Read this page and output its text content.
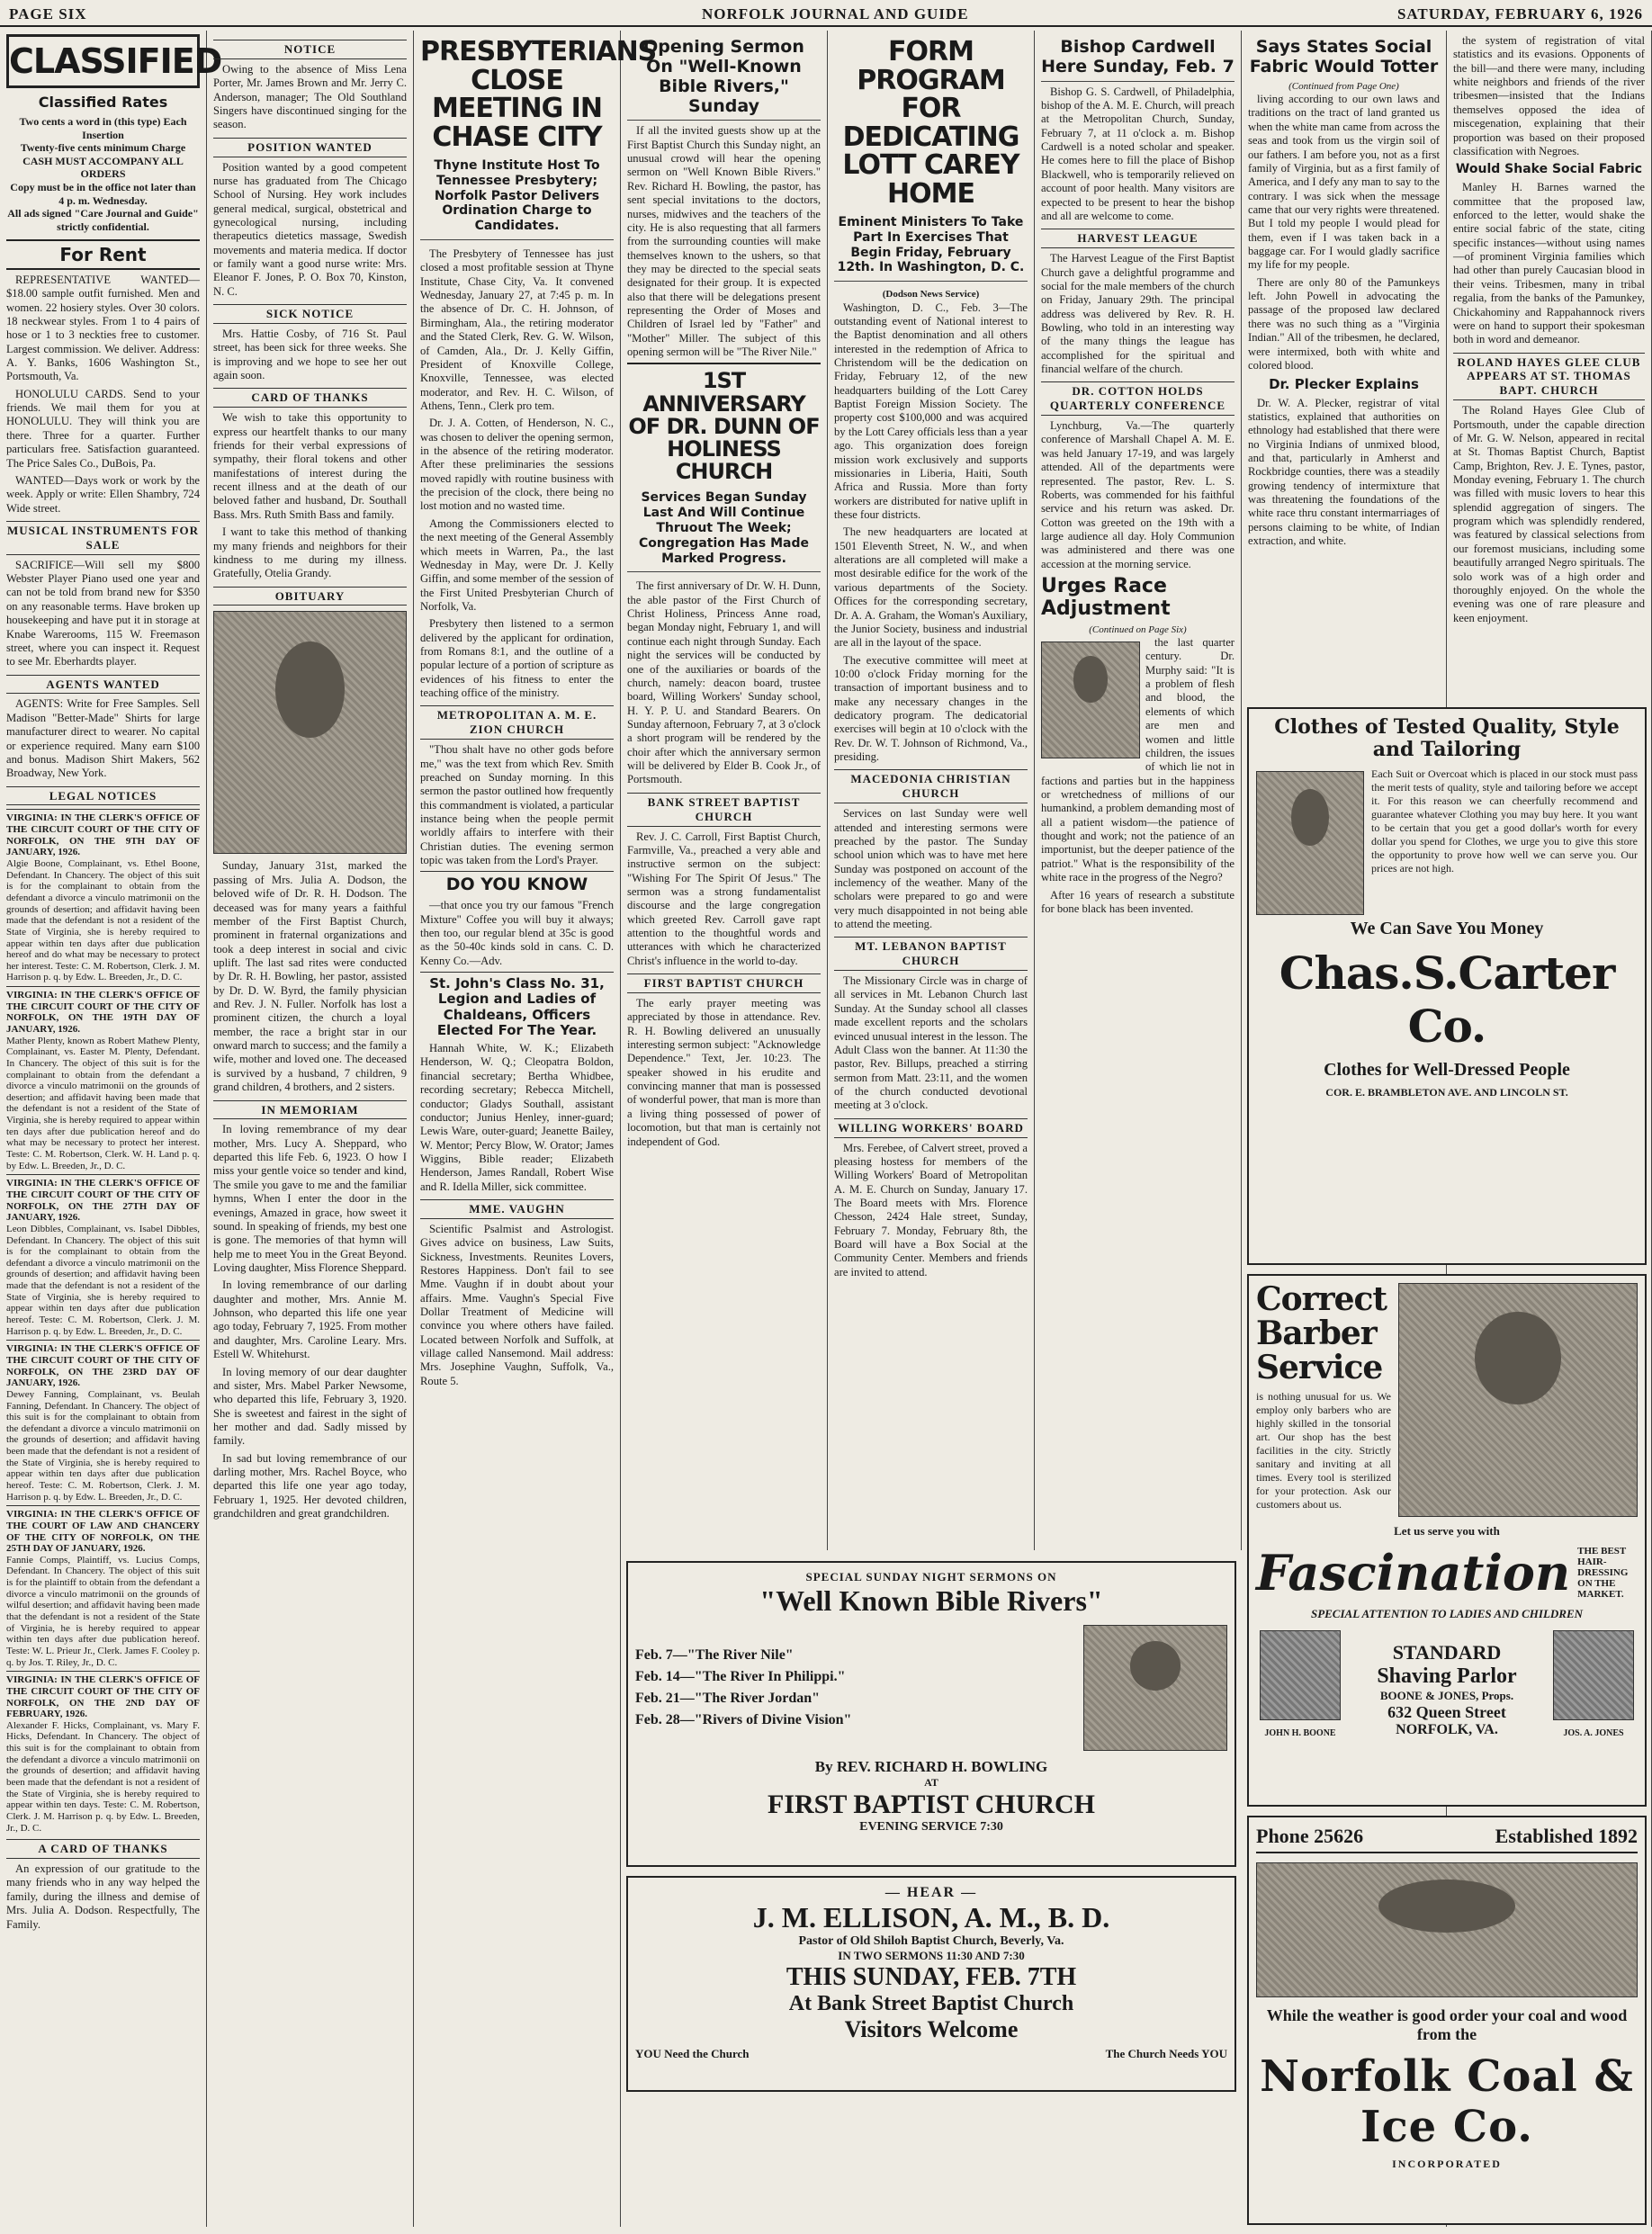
PAGE SIX	NORFOLK JOURNAL AND GUIDE	SATURDAY, FEBRUARY 6, 1926
CLASSIFIED
Classified Rates
Two cents a word in (this type) Each Insertion
Twenty-five cents minimum Charge
CASH MUST ACCOMPANY ALL ORDERS
Copy must be in the office not later than 4 p. m. Wednesday.
All ads signed "Care Journal and Guide" strictly confidential.
For Rent

REPRESENTATIVE WANTED—$18.00 sample outfit furnished. Men and women. 22 hosiery styles. Over 30 colors. 18 neckwear styles. From 1 to 4 pairs of hose or 1 to 3 neckties free to customer. Largest commission. We deliver. Address: A. Y. Banks, 1606 Washington St., Portsmouth, Va.

HONOLULU CARDS. Send to your friends. We mail them for you at HONOLULU. They will think you are there. Three for a quarter. Further particulars free. Satisfaction guaranteed. The Price Sales Co., DuBois, Pa.

WANTED—Days work or work by the week. Apply or write: Ellen Shambry, 724 Wide street.

MUSICAL INSTRUMENTS FOR SALE

SACRIFICE—Will sell my $800 Webster Player Piano used one year and can not be told from brand new for $350 on any reasonable terms. Have broken up housekeeping and have put it in storage at Knabe Warerooms, 115 W. Freemason street, where you can inspect it. Request to see Mr. Eberhardts player.

AGENTS WANTED

AGENTS: Write for Free Samples. Sell Madison "Better-Made" Shirts for large manufacturer direct to wearer. No capital or experience required. Many earn $100 and bonus. Madison Shirt Makers, 562 Broadway, New York.

LEGAL NOTICES
VIRGINIA: IN THE CLERK'S OFFICE OF THE CIRCUIT COURT OF THE CITY OF NORFOLK, ON THE 9TH DAY OF JANUARY, 1926.
Algie Boone, Complainant, vs. Ethel Boone, Defendant. In Chancery. The object of this suit is for the complainant to obtain from the defendant a divorce a vinculo matrimonii on the grounds of desertion; and affidavit having been made that the defendant is not a resident of the State of Virginia, she is hereby required to appear within ten days after due publication hereof and do what may be necessary to protect her interest. Teste: C. M. Robertson, Clerk. J. M. Harrison p. q. by Edw. L. Breeden, Jr., D. C.
VIRGINIA: IN THE CLERK'S OFFICE OF THE CIRCUIT COURT OF THE CITY OF NORFOLK, ON THE 19TH DAY OF JANUARY, 1926.
Mather Plenty, known as Robert Mathew Plenty, Complainant, vs. Easter M. Plenty, Defendant. In Chancery. The object of this suit is for the complainant to obtain from the defendant a divorce a vinculo matrimonii on the grounds of desertion; and affidavit having been made that the defendant is not a resident of the State of Virginia, she is hereby required to appear within ten days after due publication hereof and do what may be necessary to protect her interest. Teste: C. M. Robertson, Clerk. W. H. Land p. q. by Edw. L. Breeden, Jr., D. C.
VIRGINIA: IN THE CLERK'S OFFICE OF THE CIRCUIT COURT OF THE CITY OF NORFOLK, ON THE 27TH DAY OF JANUARY, 1926.
Leon Dibbles, Complainant, vs. Isabel Dibbles, Defendant. In Chancery. The object of this suit is for the complainant to obtain from the defendant a divorce a vinculo matrimonii on the grounds of desertion; and affidavit having been made that the defendant is not a resident of the State of Virginia, she is hereby required to appear within ten days after due publication hereof. Teste: C. M. Robertson, Clerk. J. M. Harrison p. q. by Edw. L. Breeden, Jr., D. C.
VIRGINIA: IN THE CLERK'S OFFICE OF THE CIRCUIT COURT OF THE CITY OF NORFOLK, ON THE 23RD DAY OF JANUARY, 1926.
Dewey Fanning, Complainant, vs. Beulah Fanning, Defendant. In Chancery. The object of this suit is for the complainant to obtain from the defendant a divorce a vinculo matrimonii on the grounds of desertion; and affidavit having been made that the defendant is not a resident of the State of Virginia, she is hereby required to appear within ten days after due publication hereof. Teste: C. M. Robertson, Clerk. J. M. Harrison p. q. by Edw. L. Breeden, Jr., D. C.
VIRGINIA: IN THE CLERK'S OFFICE OF THE COURT OF LAW AND CHANCERY OF THE CITY OF NORFOLK, ON THE 25TH DAY OF JANUARY, 1926.
Fannie Comps, Plaintiff, vs. Lucius Comps, Defendant. In Chancery. The object of this suit is for the plaintiff to obtain from the defendant a divorce a vinculo matrimonii on the grounds of wilful desertion; and affidavit having been made that the defendant is not a resident of the State of Virginia, he is hereby required to appear within ten days after due publication hereof. Teste: W. L. Prieur Jr., Clerk. James F. Cooley p. q. by Jos. T. Riley, Jr., D. C.
VIRGINIA: IN THE CLERK'S OFFICE OF THE CIRCUIT COURT OF THE CITY OF NORFOLK, ON THE 2ND DAY OF FEBRUARY, 1926.
Alexander F. Hicks, Complainant, vs. Mary F. Hicks, Defendant. In Chancery. The object of this suit is for the complainant to obtain from the defendant a divorce a vinculo matrimonii on the grounds of desertion; and affidavit having been made that the defendant is not a resident of the State of Virginia, she is hereby required to appear within ten days. Teste: C. M. Robertson, Clerk. J. M. Harrison p. q. by Edw. L. Breeden, Jr., D. C.
A CARD OF THANKS

An expression of our gratitude to the many friends who in any way helped the family, during the illness and demise of Mrs. Julia A. Dodson. Respectfully, The Family.

NOTICE

Owing to the absence of Miss Lena Porter, Mr. James Brown and Mr. Jerry C. Anderson, manager; The Old Southland Singers have discontinued singing for the season.

POSITION WANTED

Position wanted by a good competent nurse has graduated from The Chicago School of Nursing. Hey work includes general medical, surgical, obstetrical and gynecological nursing, including therapeutics dietetics massage, Swedish movements and materia medica. If doctor or family want a good nurse write: Mrs. Eleanor F. Jones, P. O. Box 70, Kinston, N. C.

SICK NOTICE

Mrs. Hattie Cosby, of 716 St. Paul street, has been sick for three weeks. She is improving and we hope to see her out again soon.

CARD OF THANKS

We wish to take this opportunity to express our heartfelt thanks to our many friends for their verbal expressions of sympathy, their floral tokens and other manifestations of interest during the recent illness and at the death of our beloved father and husband, Dr. Southall Bass. Mrs. Ruth Smith Bass and family.

I want to take this method of thanking my many friends and neighbors for their kindness to me during my illness. Gratefully, Otelia Grandy.

OBITUARY

Sunday, January 31st, marked the passing of Mrs. Julia A. Dodson, the beloved wife of Dr. R. H. Dodson. The deceased was for many years a faithful member of the First Baptist Church, prominent in fraternal organizations and took a deep interest in social and civic uplift. The last sad rites were conducted by Dr. R. H. Bowling, her pastor, assisted by Dr. D. W. Byrd, the family physician and Rev. J. N. Fuller. Norfolk has lost a prominent citizen, the church a loyal member, the race a bright star in our onward march to success; and the family a wife, mother and loved one. The deceased is survived by a husband, 7 children, 9 grand children, 4 brothers, and 2 sisters.

IN MEMORIAM

In loving remembrance of my dear mother, Mrs. Lucy A. Sheppard, who departed this life Feb. 6, 1923. O how I miss your gentle voice so tender and kind, The smile you gave to me and the familiar hymns, When I enter the door in the evenings, Amazed in grace, how sweet it sound. In speaking of friends, my best one is gone. The memories of that hymn will help me to meet You in the Great Beyond. Loving daughter, Miss Florence Sheppard.

In loving remembrance of our darling daughter and mother, Mrs. Annie M. Johnson, who departed this life one year ago today, February 7, 1925. From mother and daughter, Mrs. Caroline Leary. Mrs. Estell W. Whitehurst.

In loving memory of our dear daughter and sister, Mrs. Mabel Parker Newsome, who departed this life, February 3, 1920. She is sweetest and fairest in the sight of her mother and dad. Sadly missed by family.

In sad but loving remembrance of our darling mother, Mrs. Rachel Boyce, who departed this life one year ago today, February 1, 1925. Her devoted children, grandchildren and great grandchildren.

PRESBYTERIANS CLOSE MEETING IN CHASE CITY
Thyne Institute Host To Tennessee Presbytery; Norfolk Pastor Delivers Ordination Charge to Candidates.

The Presbytery of Tennessee has just closed a most profitable session at Thyne Institute, Chase City, Va. It convened Wednesday, January 27, at 7:45 p. m. In the absence of Dr. C. H. Johnson, of Birmingham, Ala., the retiring moderator and the Stated Clerk, Rev. G. W. Wilson, of Camden, Ala., Dr. J. Kelly Giffin, President of Knoxville College, Knoxville, Tennessee, was elected moderator, and Rev. H. C. Wilson, of Athens, Tenn., Clerk pro tem.

Dr. J. A. Cotten, of Henderson, N. C., was chosen to deliver the opening sermon, in the absence of the retiring moderator. After these preliminaries the sessions moved rapidly with routine business with the precision of the clock, there being no lost motion and no wasted time.

Among the Commissioners elected to the next meeting of the General Assembly which meets in Warren, Pa., the last Wednesday in May, were Dr. J. Kelly Giffin, and some member of the session of the First United Presbyterian Church of Norfolk, Va.

Presbytery then listened to a sermon delivered by the applicant for ordination, from Romans 8:1, and the outline of a popular lecture of a portion of scripture as evidences of his fitness to enter the teaching office of the ministry.

METROPOLITAN A. M. E. ZION CHURCH

"Thou shalt have no other gods before me," was the text from which Rev. Smith preached on Sunday morning. In this sermon the pastor outlined how frequently this commandment is violated, a particular instance being when the people permit worldly affairs to interfere with their Christian duties. The evening sermon topic was taken from the Lord's Prayer.

DO YOU KNOW

—that once you try our famous "French Mixture" Coffee you will buy it always; then too, our regular blend at 35c is good as the 50-40c kinds sold in cans. C. D. Kenny Co.—Adv.

St. John's Class No. 31, Legion and Ladies of Chaldeans, Officers Elected For The Year.

Hannah White, W. K.; Elizabeth Henderson, W. Q.; Cleopatra Boldon, financial secretary; Bertha Whidbee, recording secretary; Rebecca Mitchell, conductor; Gladys Southall, assistant conductor; Junius Henley, inner-guard; Lewis Ware, outer-guard; Jeanette Bailey, W. Mentor; Percy Blow, W. Orator; James Wiggins, Bible reader; Elizabeth Henderson, James Randall, Robert Wise and R. Idella Miller, sick committee.

MME. VAUGHN

Scientific Psalmist and Astrologist. Gives advice on business, Law Suits, Sickness, Investments. Reunites Lovers, Restores Happiness. Don't fail to see Mme. Vaughn if in doubt about your affairs. Mme. Vaughn's Special Five Dollar Treatment of Medicine will convince you where others have failed. Located between Norfolk and Suffolk, at village called Nansemond. Mail address: Mrs. Josephine Vaughn, Suffolk, Va., Route 5.

Opening Sermon On "Well-Known Bible Rivers," Sunday

If all the invited guests show up at the First Baptist Church this Sunday night, an unusual crowd will hear the opening sermon on "Well Known Bible Rivers." Rev. Richard H. Bowling, the pastor, has sent special invitations to the doctors, nurses, midwives and the teachers of the city. He is also requesting that all farmers from the surrounding counties will make themselves known to the ushers, so that they may be directed to the special seats designated for their group. It is expected also that there will be delegations present representing the Order of Moses and Children of Israel led by "Father" and "Mother" Miller. The subject of this opening sermon will be "The River Nile."

1ST ANNIVERSARY OF DR. DUNN OF HOLINESS CHURCH
Services Began Sunday Last And Will Continue Thruout The Week; Congregation Has Made Marked Progress.

The first anniversary of Dr. W. H. Dunn, the able pastor of the First Church of Christ Holiness, Princess Anne road, began Monday night, February 1, and will continue each night through Sunday. Each night the services will be conducted by one of the auxiliaries or boards of the church, namely: deacon board, trustee board, Willing Workers' Sunday school, H. Y. P. U. and Standard Bearers. On Sunday afternoon, February 7, at 3 o'clock a short program will be rendered by the choir after which the anniversary sermon will be delivered by Elder B. Cook Jr., of Portsmouth.

BANK STREET BAPTIST CHURCH

Rev. J. C. Carroll, First Baptist Church, Farmville, Va., preached a very able and instructive sermon on the subject: "Wishing For The Spirit Of Jesus." The sermon was a strong fundamentalist discourse and the large congregation which greeted Rev. Carroll gave rapt attention to the thoughtful words and utterances with which he characterized Christ's influence in the world to-day.

FIRST BAPTIST CHURCH

The early prayer meeting was appreciated by those in attendance. Rev. R. H. Bowling delivered an unusually interesting sermon subject: "Acknowledge Dependence." Text, Jer. 10:23. The speaker showed in his erudite and convincing manner that man is possessed of wonderful power, that man is more than a living thing possessed of power of locomotion, but that man is certainly not independent of God.

FORM PROGRAM FOR DEDICATING LOTT CAREY HOME
Eminent Ministers To Take Part In Exercises That Begin Friday, February 12th. In Washington, D. C.
(Dodson News Service)

Washington, D. C., Feb. 3—The outstanding event of National interest to the Baptist denomination and all others interested in the redemption of Africa to Christendom will be the dedication on Friday, February 12, of the new headquarters building of the Lott Carey Baptist Foreign Mission Society. The property cost $100,000 and was acquired by the Lott Carey officials less than a year ago. This organization does foreign mission work exclusively and supports missionaries in Liberia, Haiti, South Africa and Russia. More than forty workers are distributed for native uplift in these four districts.

The new headquarters are located at 1501 Eleventh Street, N. W., and when alterations are all completed will make a most desirable edifice for the work of the various departments of the Society. Offices for the corresponding secretary, Dr. A. A. Graham, the Woman's Auxiliary, the Junior Society, business and industrial are all in the layout of the space.

The executive committee will meet at 10:00 o'clock Friday morning for the transaction of important business and to make any necessary changes in the dedicatory program. The dedicatorial exercises will begin at 10 o'clock with the Rev. Dr. W. T. Johnson of Richmond, Va., presiding.

MACEDONIA CHRISTIAN CHURCH

Services on last Sunday were well attended and interesting sermons were preached by the pastor. The Sunday school union which was to have met here Sunday was postponed on account of the inclemency of the weather. Many of the scholars were prepared to go and were very much disappointed in not being able to attend the meeting.

MT. LEBANON BAPTIST CHURCH

The Missionary Circle was in charge of all services in Mt. Lebanon Church last Sunday. At the Sunday school all classes made excellent reports and the scholars evinced unusual interest in the lesson. The Adult Class won the banner. At 11:30 the pastor, Rev. Billups, preached a stirring sermon from Matt. 23:11, and the women of the church conducted devotional meeting at 3 o'clock.

WILLING WORKERS' BOARD

Mrs. Ferebee, of Calvert street, proved a pleasing hostess for members of the Willing Workers' Board of Metropolitan A. M. E. Church on Sunday, January 17. The Board meets with Mrs. Florence Chesson, 2424 Hale street, Sunday, February 7. Monday, February 8th, the Board will have a Box Social at the Community Center. Members and friends are invited to attend.

Bishop Cardwell Here Sunday, Feb. 7

Bishop G. S. Cardwell, of Philadelphia, bishop of the A. M. E. Church, will preach at the Metropolitan Church, Sunday, February 7, at 11 o'clock a. m. Bishop Cardwell is a noted scholar and speaker. He comes here to fill the place of Bishop Blackwell, who is temporarily relieved on account of poor health. Many visitors are expected to be present to hear the bishop and all are welcome to come.

HARVEST LEAGUE

The Harvest League of the First Baptist Church gave a delightful programme and social for the male members of the church on Friday, January 29th. The principal address was delivered by Rev. R. H. Bowling, who told in an interesting way of the many things the league has accomplished for the spiritual and financial welfare of the church.

DR. COTTON HOLDS QUARTERLY CONFERENCE

Lynchburg, Va.—The quarterly conference of Marshall Chapel A. M. E. was held January 17-19, and was largely attended. All of the departments were represented. The pastor, Rev. L. S. Roberts, was commended for his faithful service and his return was asked. Dr. Cotton was greeted on the 19th with a large audience all day. Holy Communion was administered and there was one accession at the morning service.

Urges Race Adjustment
(Continued on Page Six)

the last quarter century. Dr. Murphy said: "It is a problem of flesh and blood, the elements of which are men and women and little children, the issues of which lie not in factions and parties but in the happiness or wretchedness of millions of our humankind, a problem demanding most of all a patient wisdom—the patience of thought and work; not the patience of an importunist, but the deeper patience of the patriot." What is the responsibility of the white race in the progress of the Negro?

After 16 years of research a substitute for bone black has been invented.

Says States Social Fabric Would Totter
(Continued from Page One)

living according to our own laws and traditions on the tract of land granted us when the white man came from across the seas and took from us the virgin soil of our fathers. I am before you, not as a first family of Virginia, but as a first family of America, and I defy any man to say to the contrary. I was sick when the message came that our very rights were threatened. But I told my people I would plead for them, even if I was taken back in a baggage car. For I would gladly sacrifice my life for my people.

There are only 80 of the Pamunkeys left. John Powell in advocating the passage of the proposed law declared there was no such thing as a "Virginia Indian." All of the tribesmen, he declared, were intermixed, both with white and colored blood.

Dr. Plecker Explains

Dr. W. A. Plecker, registrar of vital statistics, explained that authorities on ethnology had established that there were no Virginia Indians of unmixed blood, and that, particularly in Amherst and Rockbridge counties, there was a steadily growing tendency of intermixture that was threatening the foundations of the white race thru constant intermarriages of persons claiming to be white, of Indian extraction, and white.

the system of registration of vital statistics and its evasions. Opponents of the bill—and there were many, including white neighbors and friends of the river tribesmen—insisted that the Indians themselves opposed the idea of miscegenation, explaining that their proportion was based on their proposed classification with Negroes.

Would Shake Social Fabric

Manley H. Barnes warned the committee that the proposed law, enforced to the letter, would shake the entire social fabric of the state, citing specific instances—without using names—of prominent Virginia families which had other than purely Caucasian blood in their veins. Tribesmen, many in tribal regalia, from the banks of the Pamunkey, Chickahominy and Rappahannock rivers were on hand to support their spokesman both in word and demeanor.

ROLAND HAYES GLEE CLUB APPEARS AT ST. THOMAS BAPT. CHURCH

The Roland Hayes Glee Club of Portsmouth, under the capable direction of Mr. G. W. Nelson, appeared in recital at St. Thomas Baptist Church, Baptist Camp, Brighton, Rev. J. E. Tynes, pastor, Monday evening, February 1. The church was filled with music lovers to hear this splendid aggregation of singers. The program which was splendidly rendered, was featured by classical selections from our foremost musicians, including some beautifully arranged Negro spirituals. The solo work was of a high order and thoroughly enjoyed. On the whole the evening was one of rare pleasure and keen enjoyment.

Clothes of Tested Quality, Style and Tailoring
Each Suit or Overcoat which is placed in our stock must pass the merit tests of quality, style and tailoring before we accept it. For this reason we can cheerfully recommend and guarantee whatever Clothing you may buy here. It you want to be certain that you get a good dollar's worth for every dollar you spend for Clothes, we urge you to give this store the opportunity to prove how well we can serve you. Our prices are not high.
We Can Save You Money
Chas.S.Carter Co.
Clothes for Well-Dressed People
COR. E. BRAMBLETON AVE. AND LINCOLN ST.
Correct Barber Service
is nothing unusual for us. We employ only barbers who are highly skilled in the tonsorial art. Our shop has the best facilities in the city. Strictly sanitary and inviting at all times. Every tool is sterilized for your protection. Ask our customers about us.
Let us serve you with
Fascination THE BEST HAIR-DRESSING ON THE MARKET.
SPECIAL ATTENTION TO LADIES AND CHILDREN
JOHN H. BOONE
STANDARD
Shaving Parlor
BOONE & JONES, Props.
632 Queen Street
NORFOLK, VA.	JOS. A. JONES
Phone 25626	Established 1892
While the weather is good order your coal and wood from the
Norfolk Coal & Ice Co.
INCORPORATED
SPECIAL SUNDAY NIGHT SERMONS ON
"Well Known Bible Rivers"
Feb. 7—"The River Nile"
Feb. 14—"The River In Philippi."
Feb. 21—"The River Jordan"
Feb. 28—"Rivers of Divine Vision"
By REV. RICHARD H. BOWLING
AT
FIRST BAPTIST CHURCH
EVENING SERVICE 7:30
— HEAR —
J. M. ELLISON, A. M., B. D.
Pastor of Old Shiloh Baptist Church, Beverly, Va.
IN TWO SERMONS 11:30 AND 7:30
THIS SUNDAY, FEB. 7TH
At Bank Street Baptist Church
Visitors Welcome
YOU Need the Church	The Church Needs YOU
